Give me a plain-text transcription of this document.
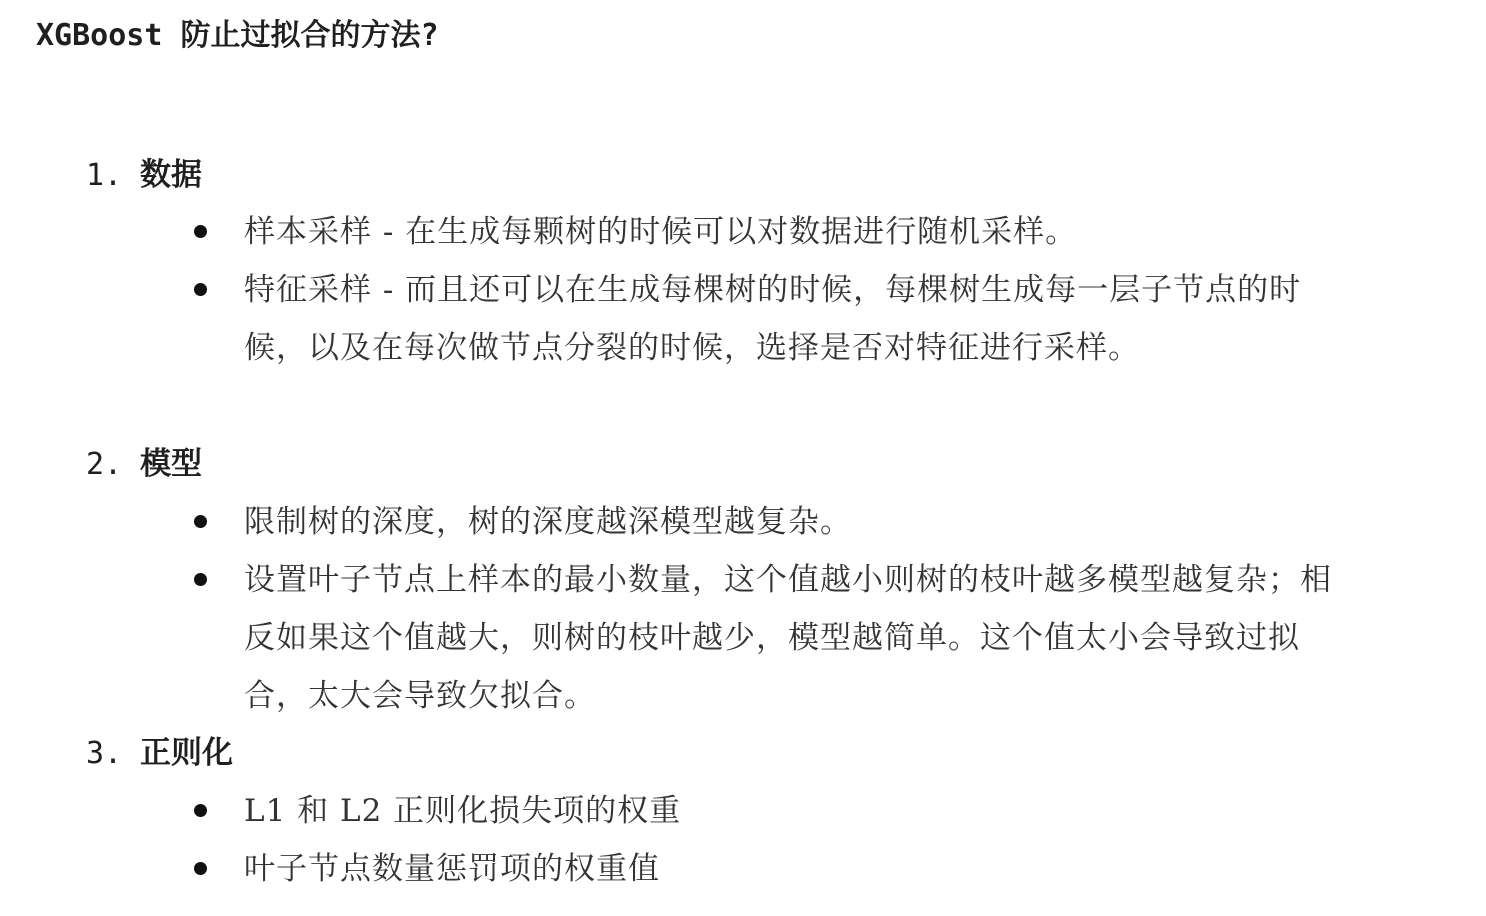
XGBoost 防止过拟合的方法?
1. 数据
样本采样 - 在生成每颗树的时候可以对数据进行随机采样。
特征采样 - 而且还可以在生成每棵树的时候，每棵树生成每一层子节点的时候，以及在每次做节点分裂的时候，选择是否对特征进行采样。
2. 模型
限制树的深度，树的深度越深模型越复杂。
设置叶子节点上样本的最小数量，这个值越小则树的枝叶越多模型越复杂；相反如果这个值越大，则树的枝叶越少，模型越简单。这个值太小会导致过拟合，太大会导致欠拟合。
3. 正则化
L1 和 L2 正则化损失项的权重
叶子节点数量惩罚项的权重值
